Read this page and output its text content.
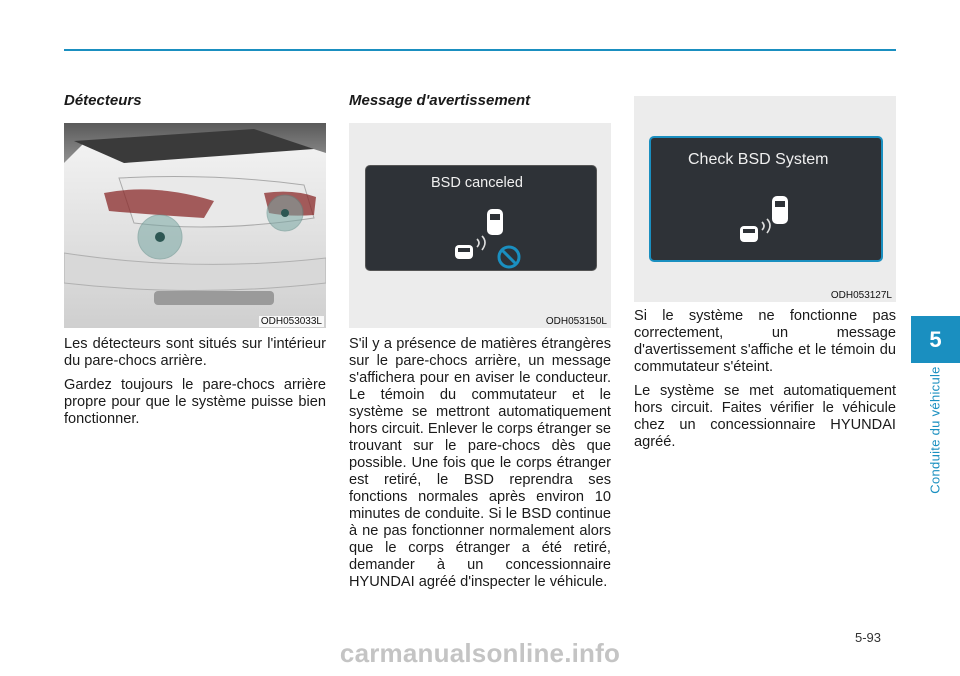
Détecteurs
ODH053033L

Les détecteurs sont situés sur l'intérieur du pare-chocs arrière.

Gardez toujours le pare-chocs arrière propre pour que le système puisse bien fonctionner.

Message d'avertissement
BSD canceled
ODH053150L

S'il y a présence de matières étrangères sur le pare-chocs arrière, un message s'affichera pour en aviser le conducteur. Le témoin du commutateur et le système se mettront automatiquement hors circuit. Enlever le corps étranger se trouvant sur le pare-chocs dès que possible. Une fois que le corps étranger est retiré, le BSD reprendra ses fonctions normales après environ 10 minutes de conduite. Si le BSD continue à ne pas fonctionner normalement alors que le corps étranger a été retiré, demander à un concessionnaire HYUNDAI agréé d'inspecter le véhicule.

Check BSD System
ODH053127L

Si le système ne fonctionne pas correctement, un message d'avertissement s'affiche et le témoin du commutateur s'éteint.

Le système se met automatiquement hors circuit. Faites vérifier le véhicule chez un concessionnaire HYUNDAI agréé.

5
Conduite du véhicule
5-93
carmanualsonline.info
